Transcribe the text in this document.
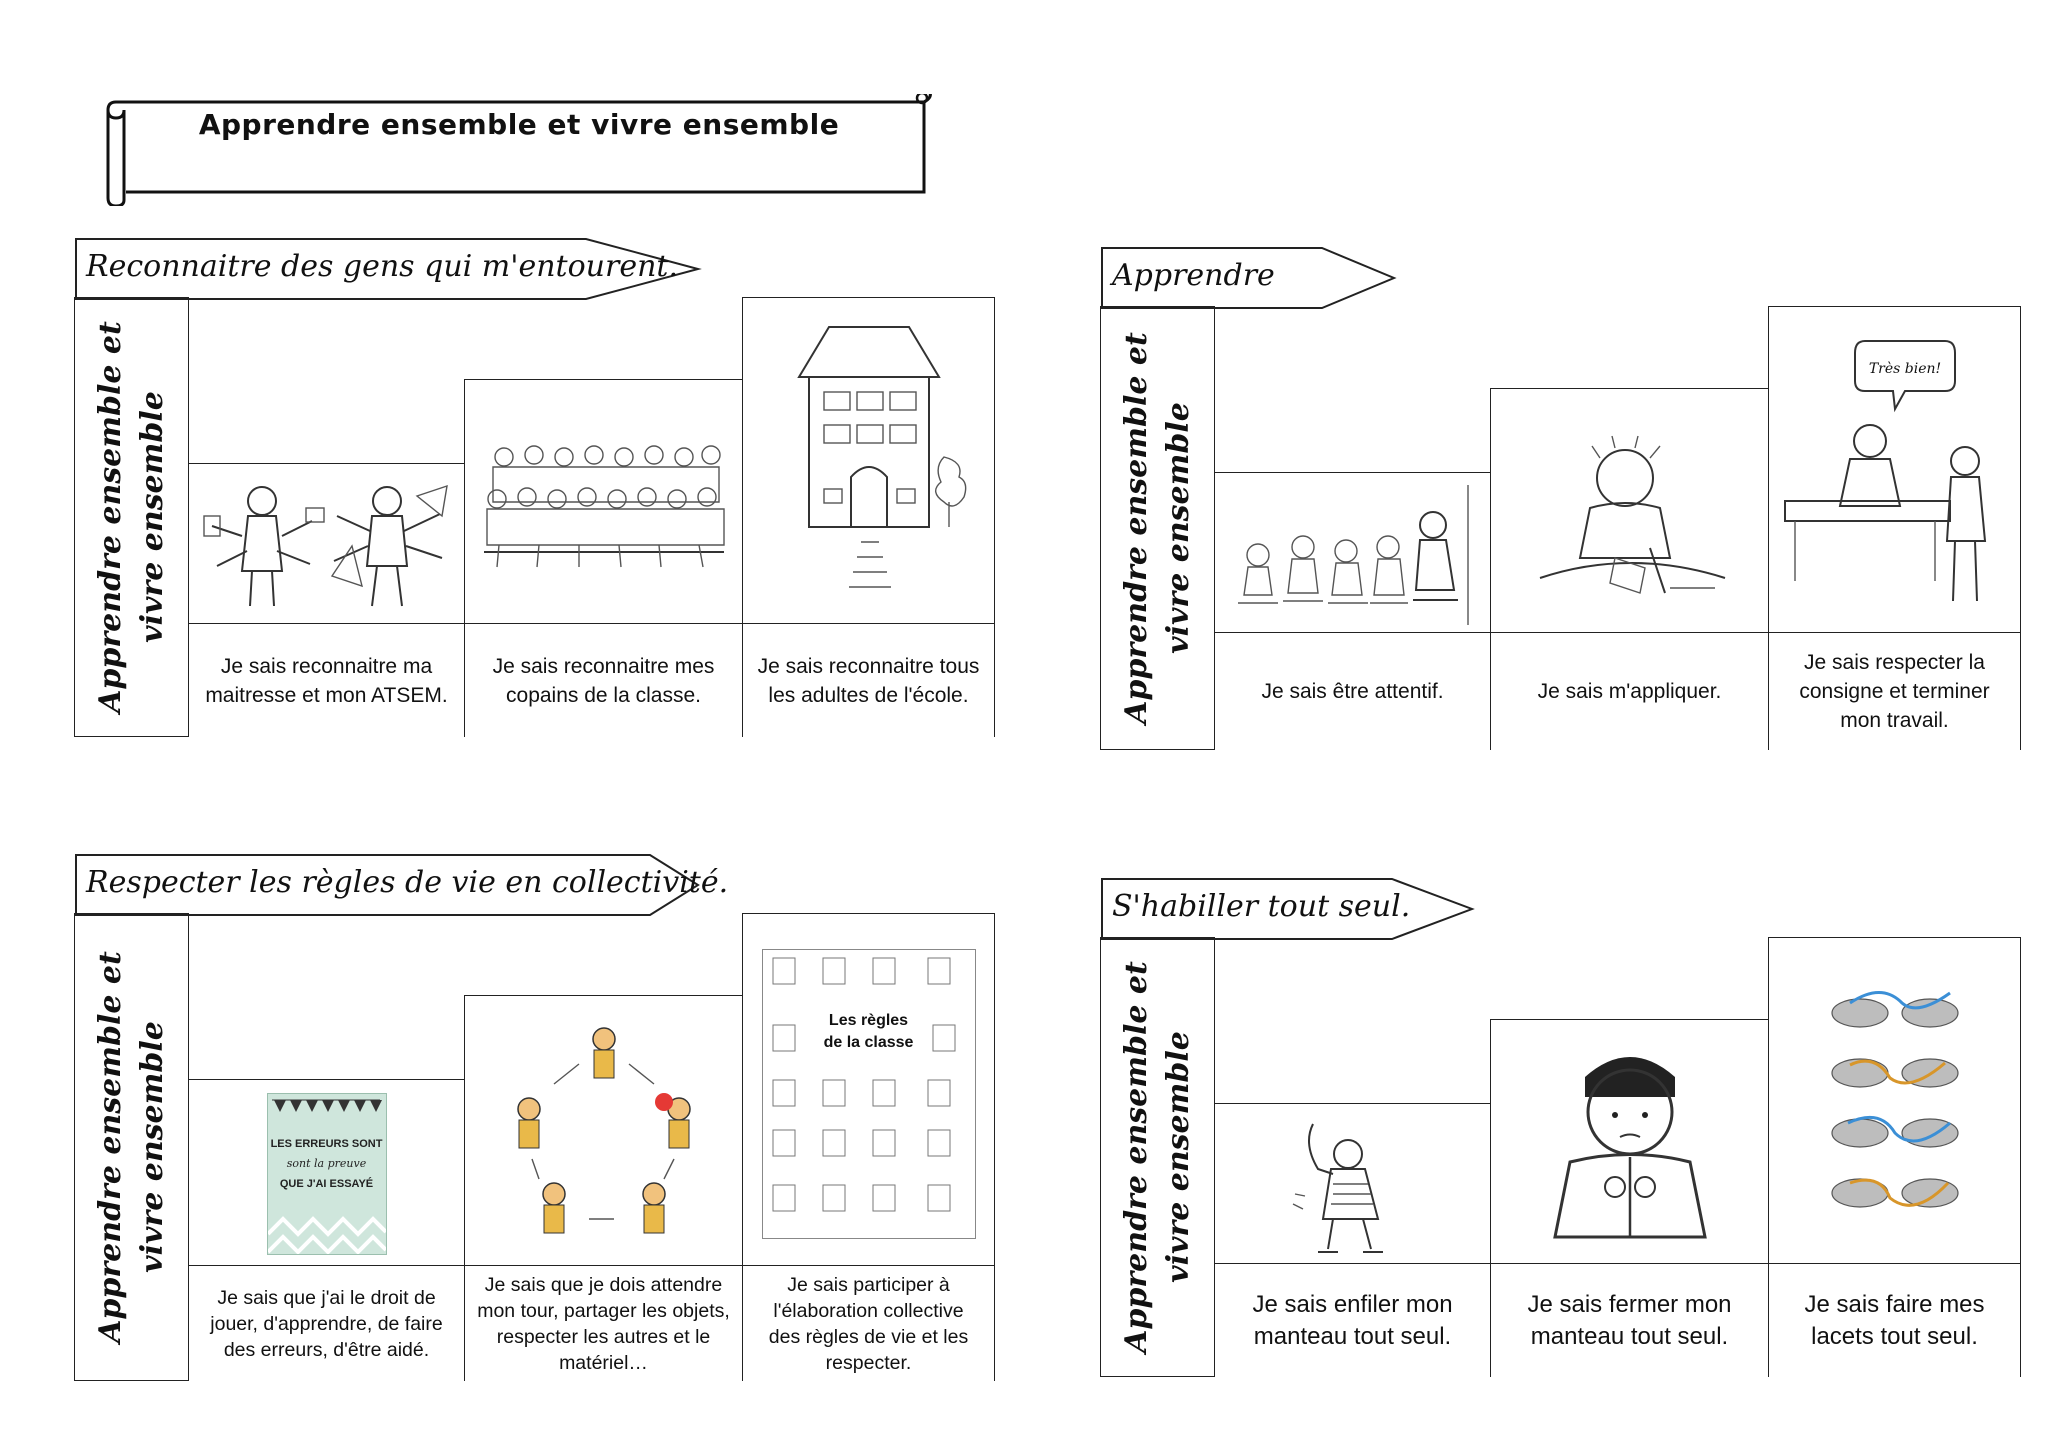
Apprendre ensemble et vivre ensemble
Reconnaitre des gens qui m'entourent.
Apprendre ensemble et vivre ensemble
Je sais reconnaitre ma maitresse et mon ATSEM.
Je sais reconnaitre mes copains de la classe.
Je sais reconnaitre tous les adultes de l'école.
Apprendre
Apprendre ensemble et vivre ensemble
Je sais être attentif.	Je sais m'appliquer.
Très bien!
Je sais respecter la consigne et terminer mon travail.
Respecter les règles de vie en collectivité.
Apprendre ensemble et vivre ensemble	LES ERREURS SONT
sont la preuve
QUE J'AI ESSAYÉ
Je sais que j'ai le droit de jouer, d'apprendre, de faire des erreurs, d'être aidé.
Je sais que je dois attendre mon tour, partager les objets, respecter les autres et le matériel…
Les règles
de la classe
Je sais participer à l'élaboration collective des règles de vie et les respecter.
S'habiller tout seul.
Apprendre ensemble et vivre ensemble
Je sais enfiler mon manteau tout seul.
Je sais fermer mon manteau tout seul.
Je sais faire mes lacets tout seul.
